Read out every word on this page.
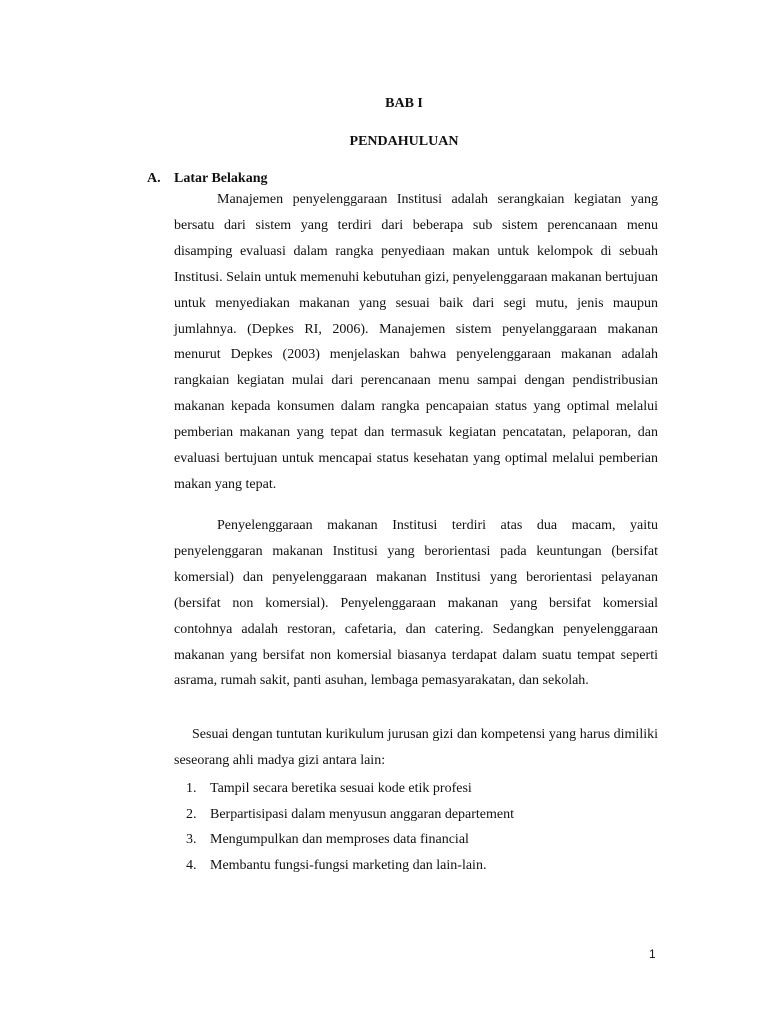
BAB I
PENDAHULUAN
A. Latar Belakang

Manajemen penyelenggaraan Institusi adalah serangkaian kegiatan yang bersatu dari sistem yang terdiri dari beberapa sub sistem perencanaan menu disamping evaluasi dalam rangka penyediaan makan untuk kelompok di sebuah Institusi. Selain untuk memenuhi kebutuhan gizi, penyelenggaraan makanan bertujuan untuk menyediakan makanan yang sesuai baik dari segi mutu, jenis maupun jumlahnya. (Depkes RI, 2006). Manajemen sistem penyelanggaraan makanan menurut Depkes (2003) menjelaskan bahwa penyelenggaraan makanan adalah rangkaian kegiatan mulai dari perencanaan menu sampai dengan pendistribusian makanan kepada konsumen dalam rangka pencapaian status yang optimal melalui pemberian makanan yang tepat dan termasuk kegiatan pencatatan, pelaporan, dan evaluasi bertujuan untuk mencapai status kesehatan yang optimal melalui pemberian makan yang tepat.

Penyelenggaraan makanan Institusi terdiri atas dua macam, yaitu penyelenggaran makanan Institusi yang berorientasi pada keuntungan (bersifat komersial) dan penyelenggaraan makanan Institusi yang berorientasi pelayanan (bersifat non komersial). Penyelenggaraan makanan yang bersifat komersial contohnya adalah restoran, cafetaria, dan catering. Sedangkan penyelenggaraan makanan yang bersifat non komersial biasanya terdapat dalam suatu tempat seperti asrama, rumah sakit, panti asuhan, lembaga pemasyarakatan, dan sekolah.

Sesuai dengan tuntutan kurikulum jurusan gizi dan kompetensi yang harus dimiliki seseorang ahli madya gizi antara lain:

1. Tampil secara beretika sesuai kode etik profesi
2. Berpartisipasi dalam menyusun anggaran departement
3. Mengumpulkan dan memproses data financial
4. Membantu fungsi-fungsi marketing dan lain-lain.
1
